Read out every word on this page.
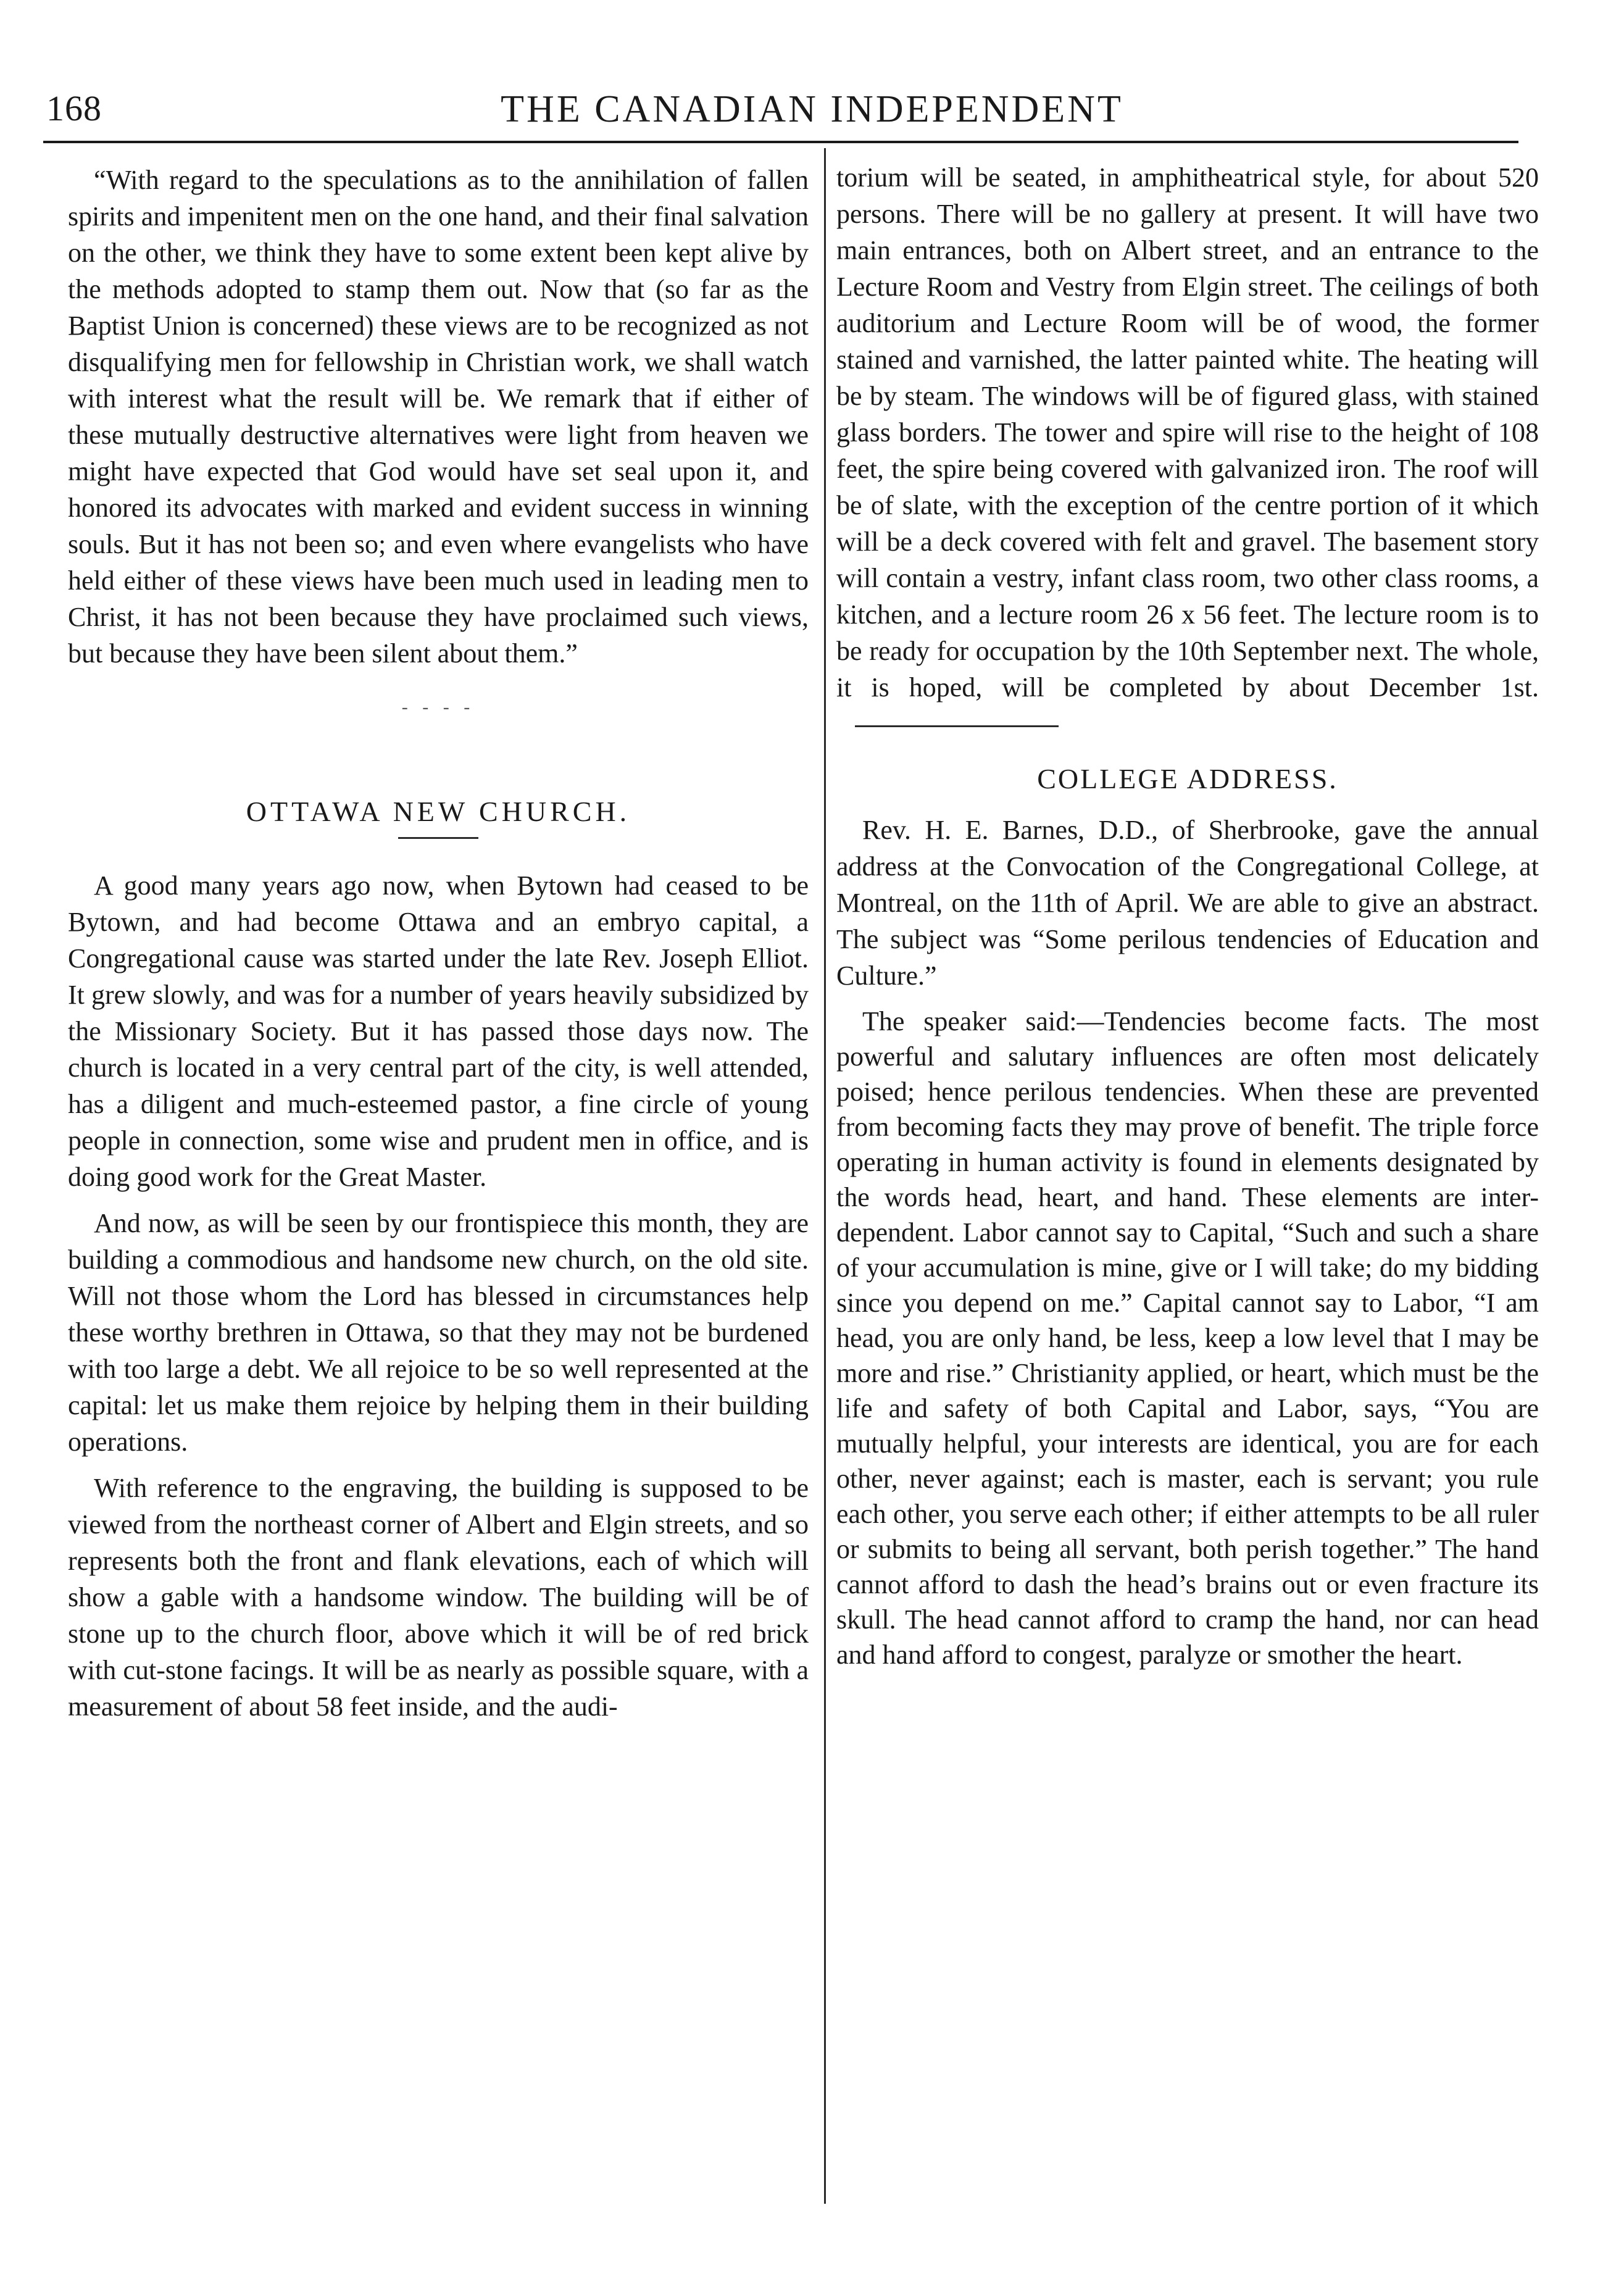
168	THE CANADIAN INDEPENDENT

“With regard to the speculations as to the annihilation of fallen spirits and impenitent men on the one hand, and their final salvation on the other, we think they have to some extent been kept alive by the methods adopted to stamp them out. Now that (so far as the Baptist Union is concerned) these views are to be recognized as not disqualifying men for fellowship in Christian work, we shall watch with interest what the result will be. We remark that if either of these mutually destructive alternatives were light from heaven we might have expected that God would have set seal upon it, and honored its advocates with marked and evident success in winning souls. But it has not been so; and even where evangelists who have held either of these views have been much used in leading men to Christ, it has not been because they have proclaimed such views, but because they have been silent about them.”

- - - -
OTTAWA NEW CHURCH.

A good many years ago now, when Bytown had ceased to be Bytown, and had become Ottawa and an embryo capital, a Congregational cause was started under the late Rev. Joseph Elliot. It grew slowly, and was for a number of years heavily subsidized by the Missionary Society. But it has passed those days now. The church is located in a very central part of the city, is well attended, has a diligent and much-esteemed pastor, a fine circle of young people in connection, some wise and prudent men in office, and is doing good work for the Great Master.

And now, as will be seen by our frontispiece this month, they are building a commodious and handsome new church, on the old site. Will not those whom the Lord has blessed in circumstances help these worthy brethren in Ottawa, so that they may not be burdened with too large a debt. We all rejoice to be so well represented at the capital: let us make them rejoice by helping them in their building operations.

With reference to the engraving, the building is supposed to be viewed from the northeast corner of Albert and Elgin streets, and so represents both the front and flank elevations, each of which will show a gable with a handsome window. The building will be of stone up to the church floor, above which it will be of red brick with cut-stone facings. It will be as nearly as possible square, with a measurement of about 58 feet inside, and the audi-

torium will be seated, in amphitheatrical style, for about 520 persons. There will be no gallery at present. It will have two main entrances, both on Albert street, and an entrance to the Lecture Room and Vestry from Elgin street. The ceilings of both auditorium and Lecture Room will be of wood, the former stained and varnished, the latter painted white. The heating will be by steam. The windows will be of figured glass, with stained glass borders. The tower and spire will rise to the height of 108 feet, the spire being covered with galvanized iron. The roof will be of slate, with the exception of the centre portion of it which will be a deck covered with felt and gravel. The basement story will contain a vestry, infant class room, two other class rooms, a kitchen, and a lecture room 26 x 56 feet. The lecture room is to be ready for occupation by the 10th September next. The whole, it is hoped, will be completed by about December 1st.

COLLEGE ADDRESS.

Rev. H. E. Barnes, D.D., of Sherbrooke, gave the annual address at the Convocation of the Congregational College, at Montreal, on the 11th of April. We are able to give an abstract. The subject was “Some perilous tendencies of Education and Culture.”

The speaker said:—Tendencies become facts. The most powerful and salutary influences are often most delicately poised; hence perilous tendencies. When these are prevented from becoming facts they may prove of benefit. The triple force operating in human activity is found in elements designated by the words head, heart, and hand. These elements are inter-dependent. Labor cannot say to Capital, “Such and such a share of your accumulation is mine, give or I will take; do my bidding since you depend on me.” Capital cannot say to Labor, “I am head, you are only hand, be less, keep a low level that I may be more and rise.” Christianity applied, or heart, which must be the life and safety of both Capital and Labor, says, “You are mutually helpful, your interests are identical, you are for each other, never against; each is master, each is servant; you rule each other, you serve each other; if either attempts to be all ruler or submits to being all servant, both perish together.” The hand cannot afford to dash the head’s brains out or even fracture its skull. The head cannot afford to cramp the hand, nor can head and hand afford to congest, paralyze or smother the heart.
